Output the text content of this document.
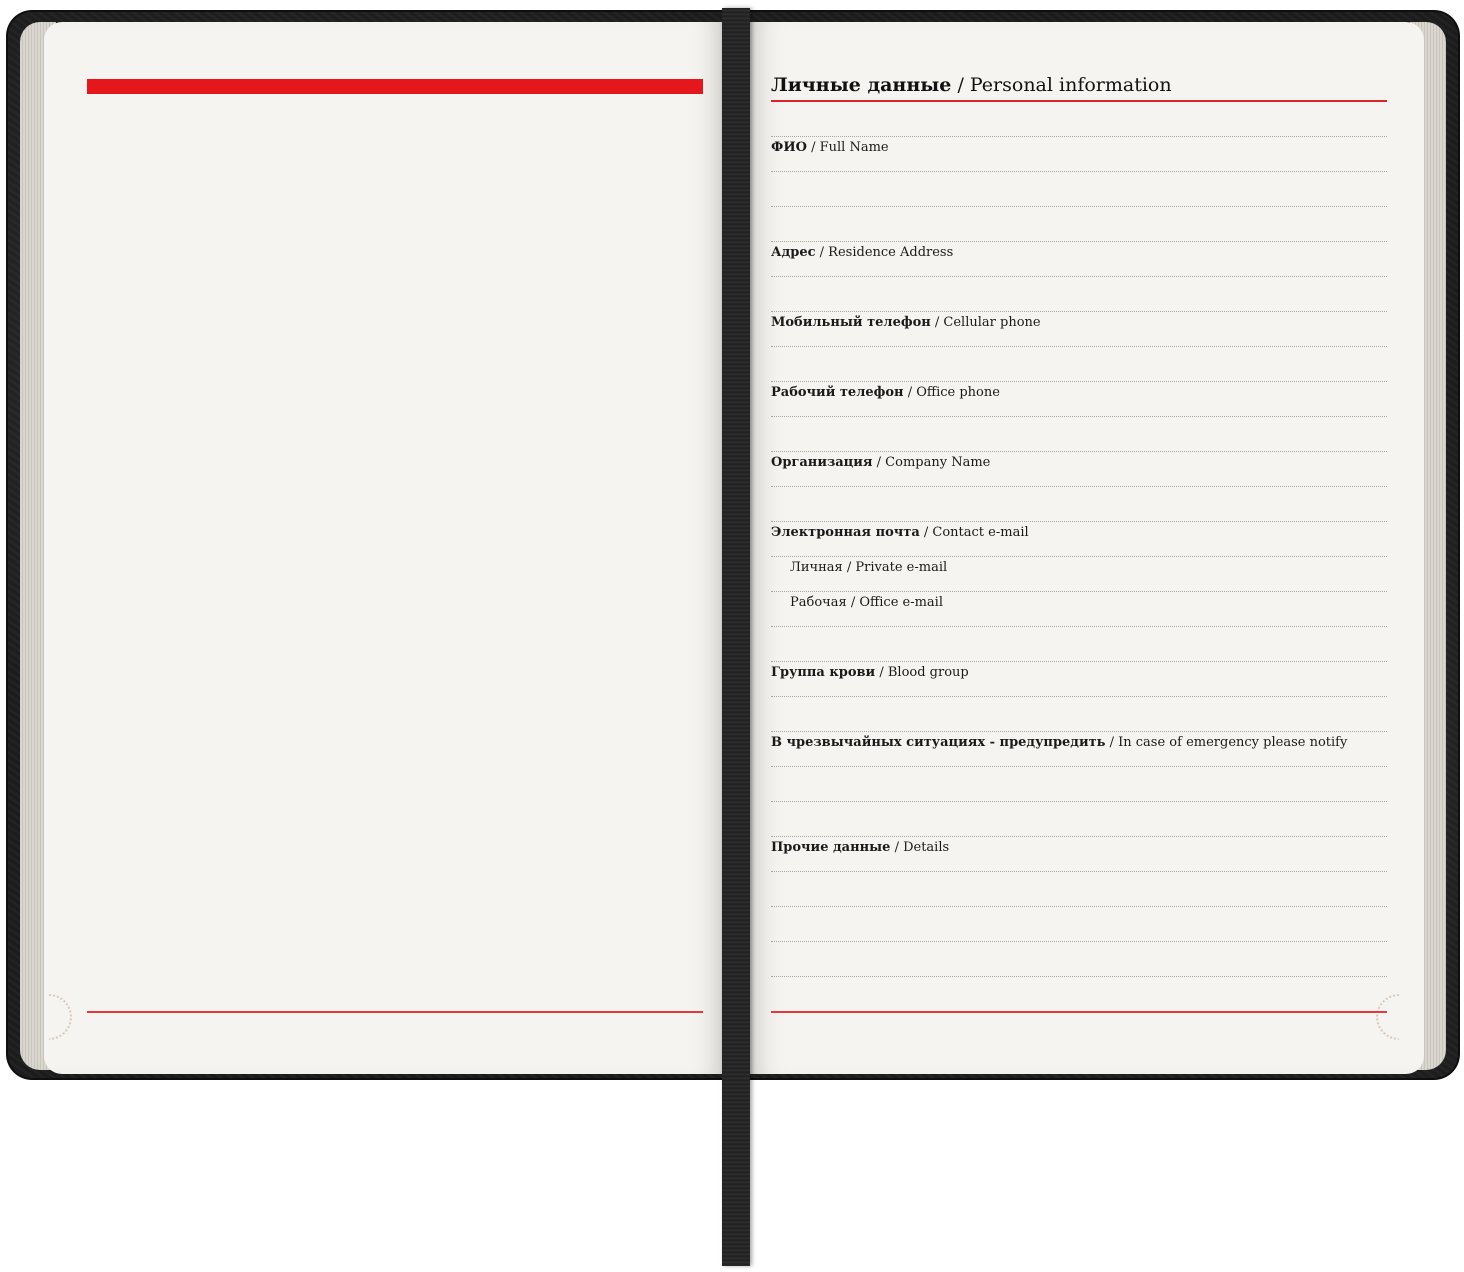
Личные данные / Personal information
ФИО / Full Name
Адрес / Residence Address
Мобильный телефон / Cellular phone
Рабочий телефон / Office phone
Организация / Company Name
Электронная почта / Contact e-mail
Личная / Private e-mail
Рабочая / Office e-mail
Группа крови / Blood group
В чрезвычайных ситуациях - предупредить / In case of emergency please notify
Прочие данные / Details
